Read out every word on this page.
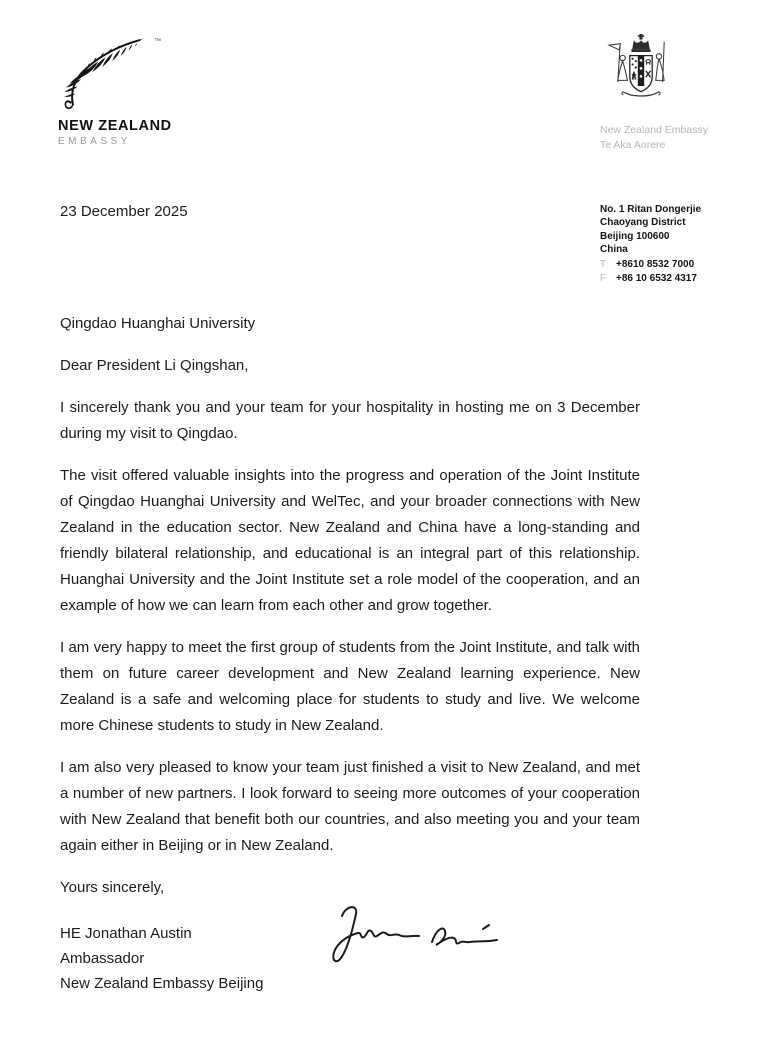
™
NEW ZEALAND
EMBASSY
New Zealand Embassy
Te Aka Aorere
23 December 2025	No. 1 Ritan Dongerjie
Chaoyang District
Beijing 100600
China
T +8610 8532 7000
F +86 10 6532 4317

Qingdao Huanghai University

Dear President Li Qingshan,

I sincerely thank you and your team for your hospitality in hosting me on 3 December during my visit to Qingdao.

The visit offered valuable insights into the progress and operation of the Joint Institute of Qingdao Huanghai University and WelTec, and your broader connections with New Zealand in the education sector. New Zealand and China have a long-standing and friendly bilateral relationship, and educational is an integral part of this relationship. Huanghai University and the Joint Institute set a role model of the cooperation, and an example of how we can learn from each other and grow together.

I am very happy to meet the first group of students from the Joint Institute, and talk with them on future career development and New Zealand learning experience. New Zealand is a safe and welcoming place for students to study and live. We welcome more Chinese students to study in New Zealand.

I am also very pleased to know your team just finished a visit to New Zealand, and met a number of new partners. I look forward to seeing more outcomes of your cooperation with New Zealand that benefit both our countries, and also meeting you and your team again either in Beijing or in New Zealand.

Yours sincerely,

HE Jonathan Austin
Ambassador
New Zealand Embassy Beijing
